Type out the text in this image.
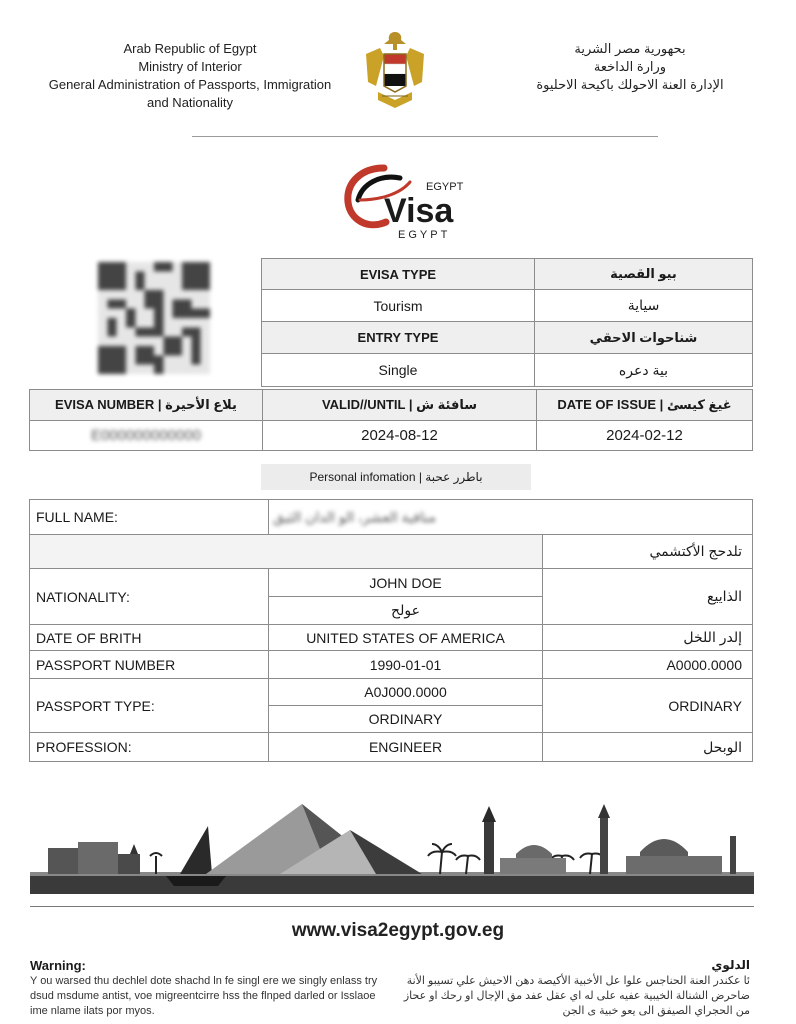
Arab Republic of Egypt
Ministry of Interior
General Administration of Passports, Immigration
and Nationality
بحهورية مصر الشرية
ورارة الداخعة
الإدارة العنة الاحولك باكيحة الاحليوة
EGYPT
Visa
EGYPT
EVISA TYPE	بيو القصية
Tourism	سياية
ENTRY TYPE	شناحوات الاحقي
Single	بية دعره
EVISA NUMBER | يلاع الأحيرة	VALID//UNTIL | سافئة ش	DATE OF ISSUE | غيغ كيسئ
E000000000000	2024-08-12	2024-02-12
Personal infomation | باطرر عحبة
FULL NAME:	منافية العشر، الو الدان الثيق	
		تلدحج الأكتشمي
NATIONALITY:	JOHN DOE	الذاييع
	عولح	
DATE OF BRITH	UNITED STATES OF AMERICA	إلدر اللخل
PASSPORT NUMBER	1990-01-01	A0000.0000
PASSPORT TYPE:	A0J000.0000	ORDINARY
	ORDINARY	
PROFESSION:	ENGINEER	الوبحل
www.visa2egypt.gov.eg
Warning:
Y ou warsed thu dechlel dote shachd ln fe singl ere we singly enlass try dsud msdume antist, voe migreentcirre hss the flnped darled or Isslaoe ime nlame ilats por myos.
الدلوي
ئا عكندر العنة الحناجس علوا عل الأخبية الأكيصة دهن الاحيش علي تسيبو الأنة ضاحرض الشنالة الخيبية عفيه على له اي عقل عفد مق الإجال او رحك او عحاز من الحجراي الصيفق الى يعو خبية ى الجن
